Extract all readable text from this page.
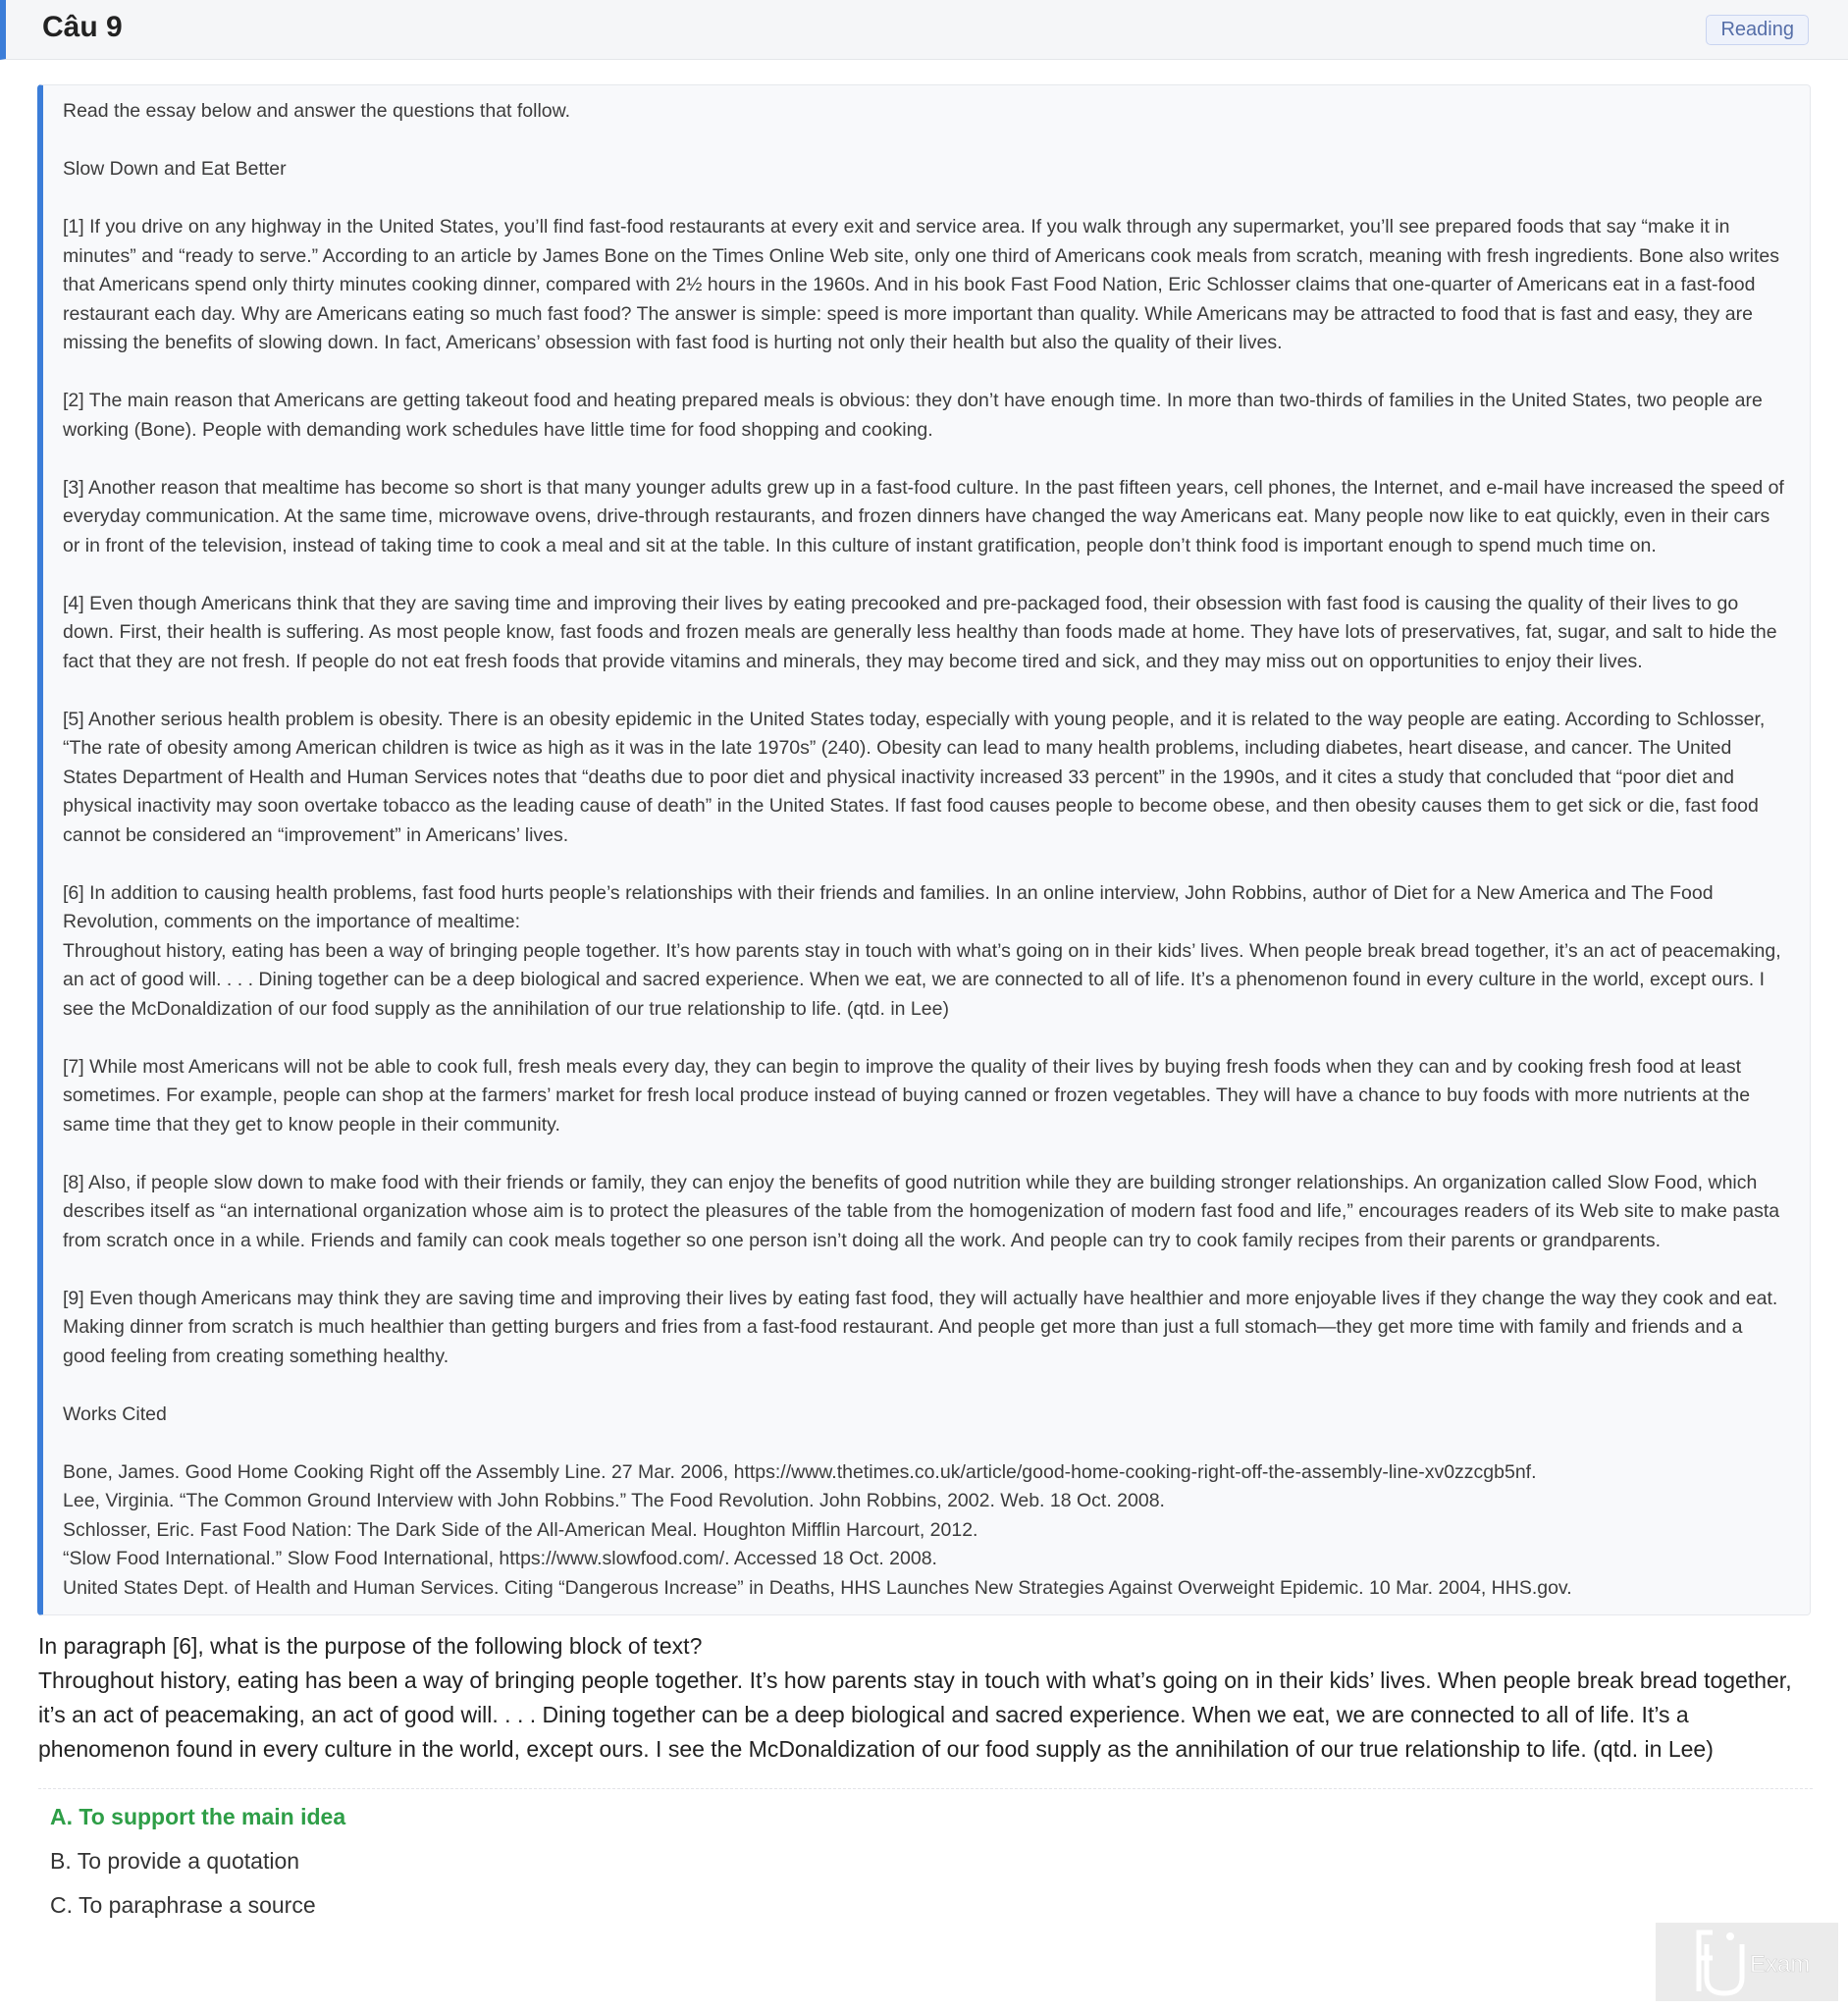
Câu 9	Reading

Read the essay below and answer the questions that follow.

Slow Down and Eat Better

[1] If you drive on any highway in the United States, you’ll find fast-food restaurants at every exit and service area. If you walk through any supermarket, you’ll see prepared foods that say “make it in minutes” and “ready to serve.” According to an article by James Bone on the Times Online Web site, only one third of Americans cook meals from scratch, meaning with fresh ingredients. Bone also writes that Americans spend only thirty minutes cooking dinner, compared with 2½ hours in the 1960s. And in his book Fast Food Nation, Eric Schlosser claims that one-quarter of Americans eat in a fast-food restaurant each day. Why are Americans eating so much fast food? The answer is simple: speed is more important than quality. While Americans may be attracted to food that is fast and easy, they are missing the benefits of slowing down. In fact, Americans’ obsession with fast food is hurting not only their health but also the quality of their lives.

[2] The main reason that Americans are getting takeout food and heating prepared meals is obvious: they don’t have enough time. In more than two-thirds of families in the United States, two people are working (Bone). People with demanding work schedules have little time for food shopping and cooking.

[3] Another reason that mealtime has become so short is that many younger adults grew up in a fast-food culture. In the past fifteen years, cell phones, the Internet, and e-mail have increased the speed of everyday communication. At the same time, microwave ovens, drive-through restaurants, and frozen dinners have changed the way Americans eat. Many people now like to eat quickly, even in their cars or in front of the television, instead of taking time to cook a meal and sit at the table. In this culture of instant gratification, people don’t think food is important enough to spend much time on.

[4] Even though Americans think that they are saving time and improving their lives by eating precooked and pre-packaged food, their obsession with fast food is causing the quality of their lives to go down. First, their health is suffering. As most people know, fast foods and frozen meals are generally less healthy than foods made at home. They have lots of preservatives, fat, sugar, and salt to hide the fact that they are not fresh. If people do not eat fresh foods that provide vitamins and minerals, they may become tired and sick, and they may miss out on opportunities to enjoy their lives.

[5] Another serious health problem is obesity. There is an obesity epidemic in the United States today, especially with young people, and it is related to the way people are eating. According to Schlosser, “The rate of obesity among American children is twice as high as it was in the late 1970s” (240). Obesity can lead to many health problems, including diabetes, heart disease, and cancer. The United States Department of Health and Human Services notes that “deaths due to poor diet and physical inactivity increased 33 percent” in the 1990s, and it cites a study that concluded that “poor diet and physical inactivity may soon overtake tobacco as the leading cause of death” in the United States. If fast food causes people to become obese, and then obesity causes them to get sick or die, fast food cannot be considered an “improvement” in Americans’ lives.

[6] In addition to causing health problems, fast food hurts people’s relationships with their friends and families. In an online interview, John Robbins, author of Diet for a New America and The Food Revolution, comments on the importance of mealtime:

Throughout history, eating has been a way of bringing people together. It’s how parents stay in touch with what’s going on in their kids’ lives. When people break bread together, it’s an act of peacemaking, an act of good will. . . . Dining together can be a deep biological and sacred experience. When we eat, we are connected to all of life. It’s a phenomenon found in every culture in the world, except ours. I see the McDonaldization of our food supply as the annihilation of our true relationship to life. (qtd. in Lee)

[7] While most Americans will not be able to cook full, fresh meals every day, they can begin to improve the quality of their lives by buying fresh foods when they can and by cooking fresh food at least sometimes. For example, people can shop at the farmers’ market for fresh local produce instead of buying canned or frozen vegetables. They will have a chance to buy foods with more nutrients at the same time that they get to know people in their community.

[8] Also, if people slow down to make food with their friends or family, they can enjoy the benefits of good nutrition while they are building stronger relationships. An organization called Slow Food, which describes itself as “an international organization whose aim is to protect the pleasures of the table from the homogenization of modern fast food and life,” encourages readers of its Web site to make pasta from scratch once in a while. Friends and family can cook meals together so one person isn’t doing all the work. And people can try to cook family recipes from their parents or grandparents.

[9] Even though Americans may think they are saving time and improving their lives by eating fast food, they will actually have healthier and more enjoyable lives if they change the way they cook and eat. Making dinner from scratch is much healthier than getting burgers and fries from a fast-food restaurant. And people get more than just a full stomach—they get more time with family and friends and a good feeling from creating something healthy.

Works Cited

Bone, James. Good Home Cooking Right off the Assembly Line. 27 Mar. 2006, https://www.thetimes.co.uk/article/good-home-cooking-right-off-the-assembly-line-xv0zzcgb5nf.

Lee, Virginia. “The Common Ground Interview with John Robbins.” The Food Revolution. John Robbins, 2002. Web. 18 Oct. 2008.

Schlosser, Eric. Fast Food Nation: The Dark Side of the All-American Meal. Houghton Mifflin Harcourt, 2012.

“Slow Food International.” Slow Food International, https://www.slowfood.com/. Accessed 18 Oct. 2008.

United States Dept. of Health and Human Services. Citing “Dangerous Increase” in Deaths, HHS Launches New Strategies Against Overweight Epidemic. 10 Mar. 2004, HHS.gov.

In paragraph [6], what is the purpose of the following block of text?
Throughout history, eating has been a way of bringing people together. It’s how parents stay in touch with what’s going on in their kids’ lives. When people break bread together, it’s an act of peacemaking, an act of good will. . . . Dining together can be a deep biological and sacred experience. When we eat, we are connected to all of life. It’s a phenomenon found in every culture in the world, except ours. I see the McDonaldization of our food supply as the annihilation of our true relationship to life. (qtd. in Lee)
A. To support the main idea
B. To provide a quotation
C. To paraphrase a source
Exam
